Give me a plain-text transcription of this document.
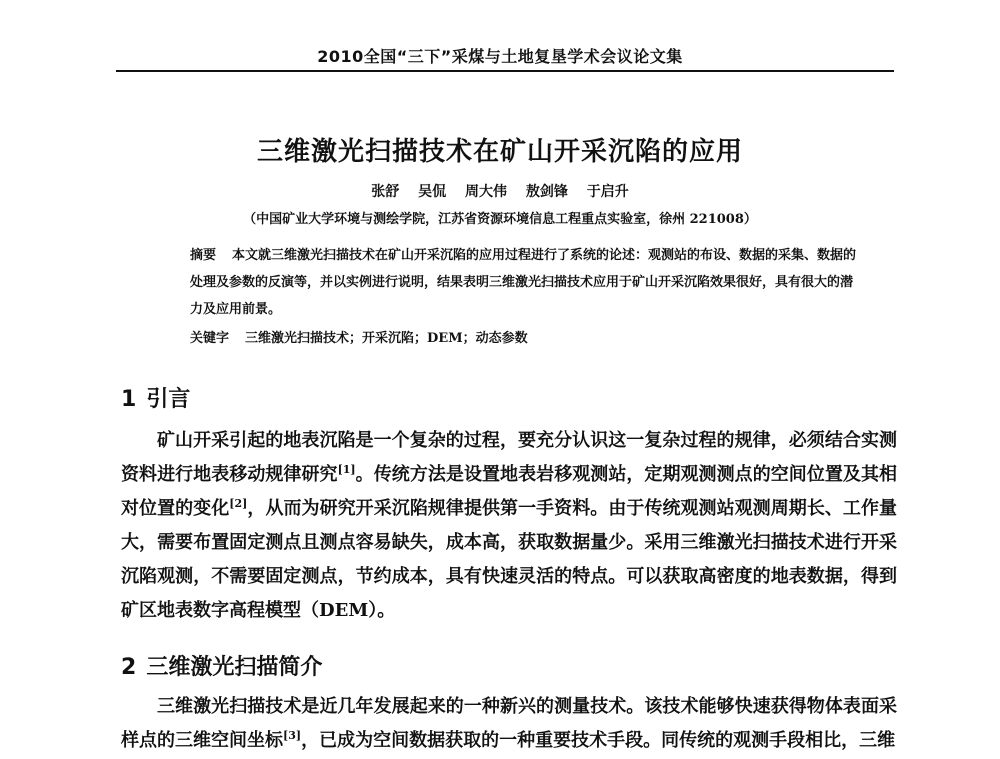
2010全国“三下”采煤与土地复垦学术会议论文集
三维激光扫描技术在矿山开采沉陷的应用
张舒 吴侃 周大伟 敖剑锋 于启升
（中国矿业大学环境与测绘学院，江苏省资源环境信息工程重点实验室，徐州 221008）

摘要 本文就三维激光扫描技术在矿山开采沉陷的应用过程进行了系统的论述：观测站的布设、数据的采集、数据的处理及参数的反演等，并以实例进行说明，结果表明三维激光扫描技术应用于矿山开采沉陷效果很好，具有很大的潜力及应用前景。

关键字 三维激光扫描技术；开采沉陷；DEM；动态参数
1 引言

矿山开采引起的地表沉陷是一个复杂的过程，要充分认识这一复杂过程的规律，必须结合实测资料进行地表移动规律研究[1]。传统方法是设置地表岩移观测站，定期观测测点的空间位置及其相对位置的变化[2]，从而为研究开采沉陷规律提供第一手资料。由于传统观测站观测周期长、工作量大，需要布置固定测点且测点容易缺失，成本高，获取数据量少。采用三维激光扫描技术进行开采沉陷观测，不需要固定测点，节约成本，具有快速灵活的特点。可以获取高密度的地表数据，得到矿区地表数字高程模型（DEM）。

2 三维激光扫描简介

三维激光扫描技术是近几年发展起来的一种新兴的测量技术。该技术能够快速获得物体表面采样点的三维空间坐标[3]，已成为空间数据获取的一种重要技术手段。同传统的观测手段相比，三维
